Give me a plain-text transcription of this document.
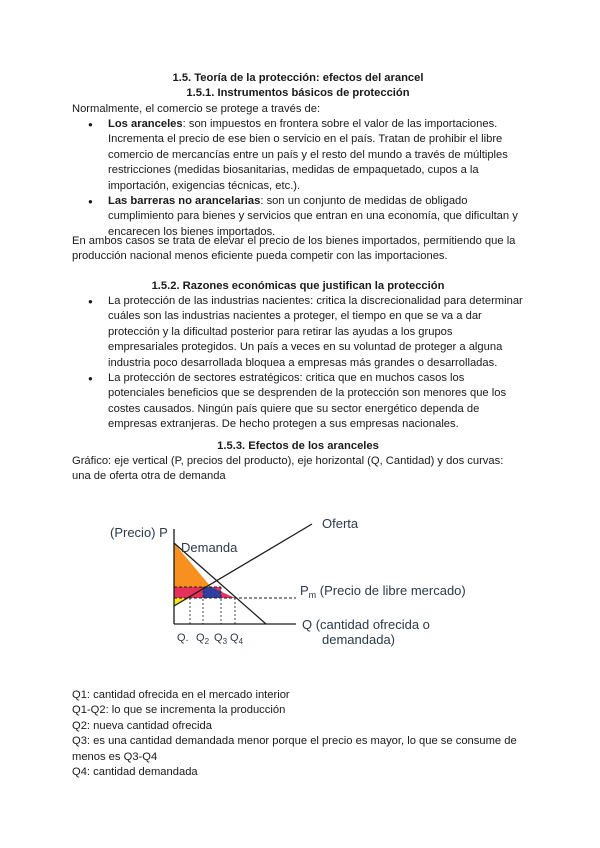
1.5. Teoría de la protección: efectos del arancel
1.5.1. Instrumentos básicos de protección
Normalmente, el comercio se protege a través de:
● Los aranceles: son impuestos en frontera sobre el valor de las importaciones. Incrementa el precio de ese bien o servicio en el país. Tratan de prohibir el libre comercio de mercancías entre un país y el resto del mundo a través de múltiples restricciones (medidas biosanitarias, medidas de empaquetado, cupos a la importación, exigencias técnicas, etc.).
● Las barreras no arancelarias: son un conjunto de medidas de obligado cumplimiento para bienes y servicios que entran en una economía, que dificultan y encarecen los bienes importados.
En ambos casos se trata de elevar el precio de los bienes importados, permitiendo que la producción nacional menos eficiente pueda competir con las importaciones.
1.5.2. Razones económicas que justifican la protección
● La protección de las industrias nacientes: critica la discrecionalidad para determinar cuáles son las industrias nacientes a proteger, el tiempo en que se va a dar protección y la dificultad posterior para retirar las ayudas a los grupos empresariales protegidos. Un país a veces en su voluntad de proteger a alguna industria poco desarrollada bloquea a empresas más grandes o desarrolladas.
● La protección de sectores estratégicos: critica que en muchos casos los potenciales beneficios que se desprenden de la protección son menores que los costes causados. Ningún país quiere que su sector energético dependa de empresas extranjeras. De hecho protegen a sus empresas nacionales.
1.5.3. Efectos de los aranceles
Gráfico: eje vertical (P, precios del producto), eje horizontal (Q, Cantidad) y dos curvas: una de oferta otra de demanda
(Precio) P
Demanda
Oferta
$P_m$ (Precio de libre mercado)
Q (cantidad ofrecida o
demandada)
Q. $Q_2$ $Q_3$ $Q_4$
Q1: cantidad ofrecida en el mercado interior
Q1-Q2: lo que se incrementa la producción
Q2: nueva cantidad ofrecida
Q3: es una cantidad demandada menor porque el precio es mayor, lo que se consume de menos es Q3-Q4
Q4: cantidad demandada
